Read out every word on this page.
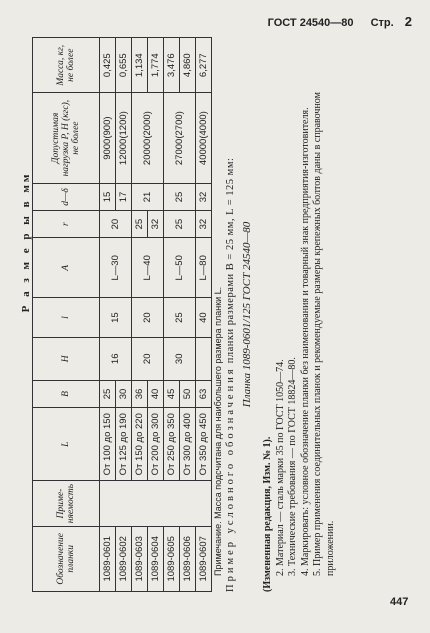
ГОСТ 24540—80 Стр. 2
Р а з м е р ы в мм
Обозначение планки	Приме-няемость	L	B	H	l	A	r	d—δ	Допустимая нагрузка P, H (кгс), не более	Масса, кг, не более
1089-0601		От 100 до 150	25	16	15	L—30	20	15	9000(900)	0,425
1089-0602		От 125 до 190	30					17	12000(1200)	0,655
1089-0603		От 150 до 220	36	20	20	L—40	25	21	20000(2000)	1,134
1089-0604		От 200 до 300	40				32			1,774
1089-0605		От 250 до 350	45	30	25	L—50	25	25	27000(2700)	3,476
1089-0606		От 300 до 400	50							4,860
1089-0607		От 350 до 450	63		40	L—80	32	32	40000(4000)	6,277
Примечание. Масса подсчитана для наибольшего размера планки L. Пример условного обозначения планки размерами B = 25 мм, L = 125 мм: Планка 1089-0601/125 ГОСТ 24540—80

(Измененная редакция, Изм. № 1). 2. Материал — сталь марки 35 по ГОСТ 1050—74. 3. Технические требования — по ГОСТ 18824—80. 4. Маркировать: условное обозначение планки без наименования и товарный знак предприятия-изготовителя. 5. Пример применения соединительных планок и рекомендуемые размеры крепежных болтов даны в справочном приложении.

447
